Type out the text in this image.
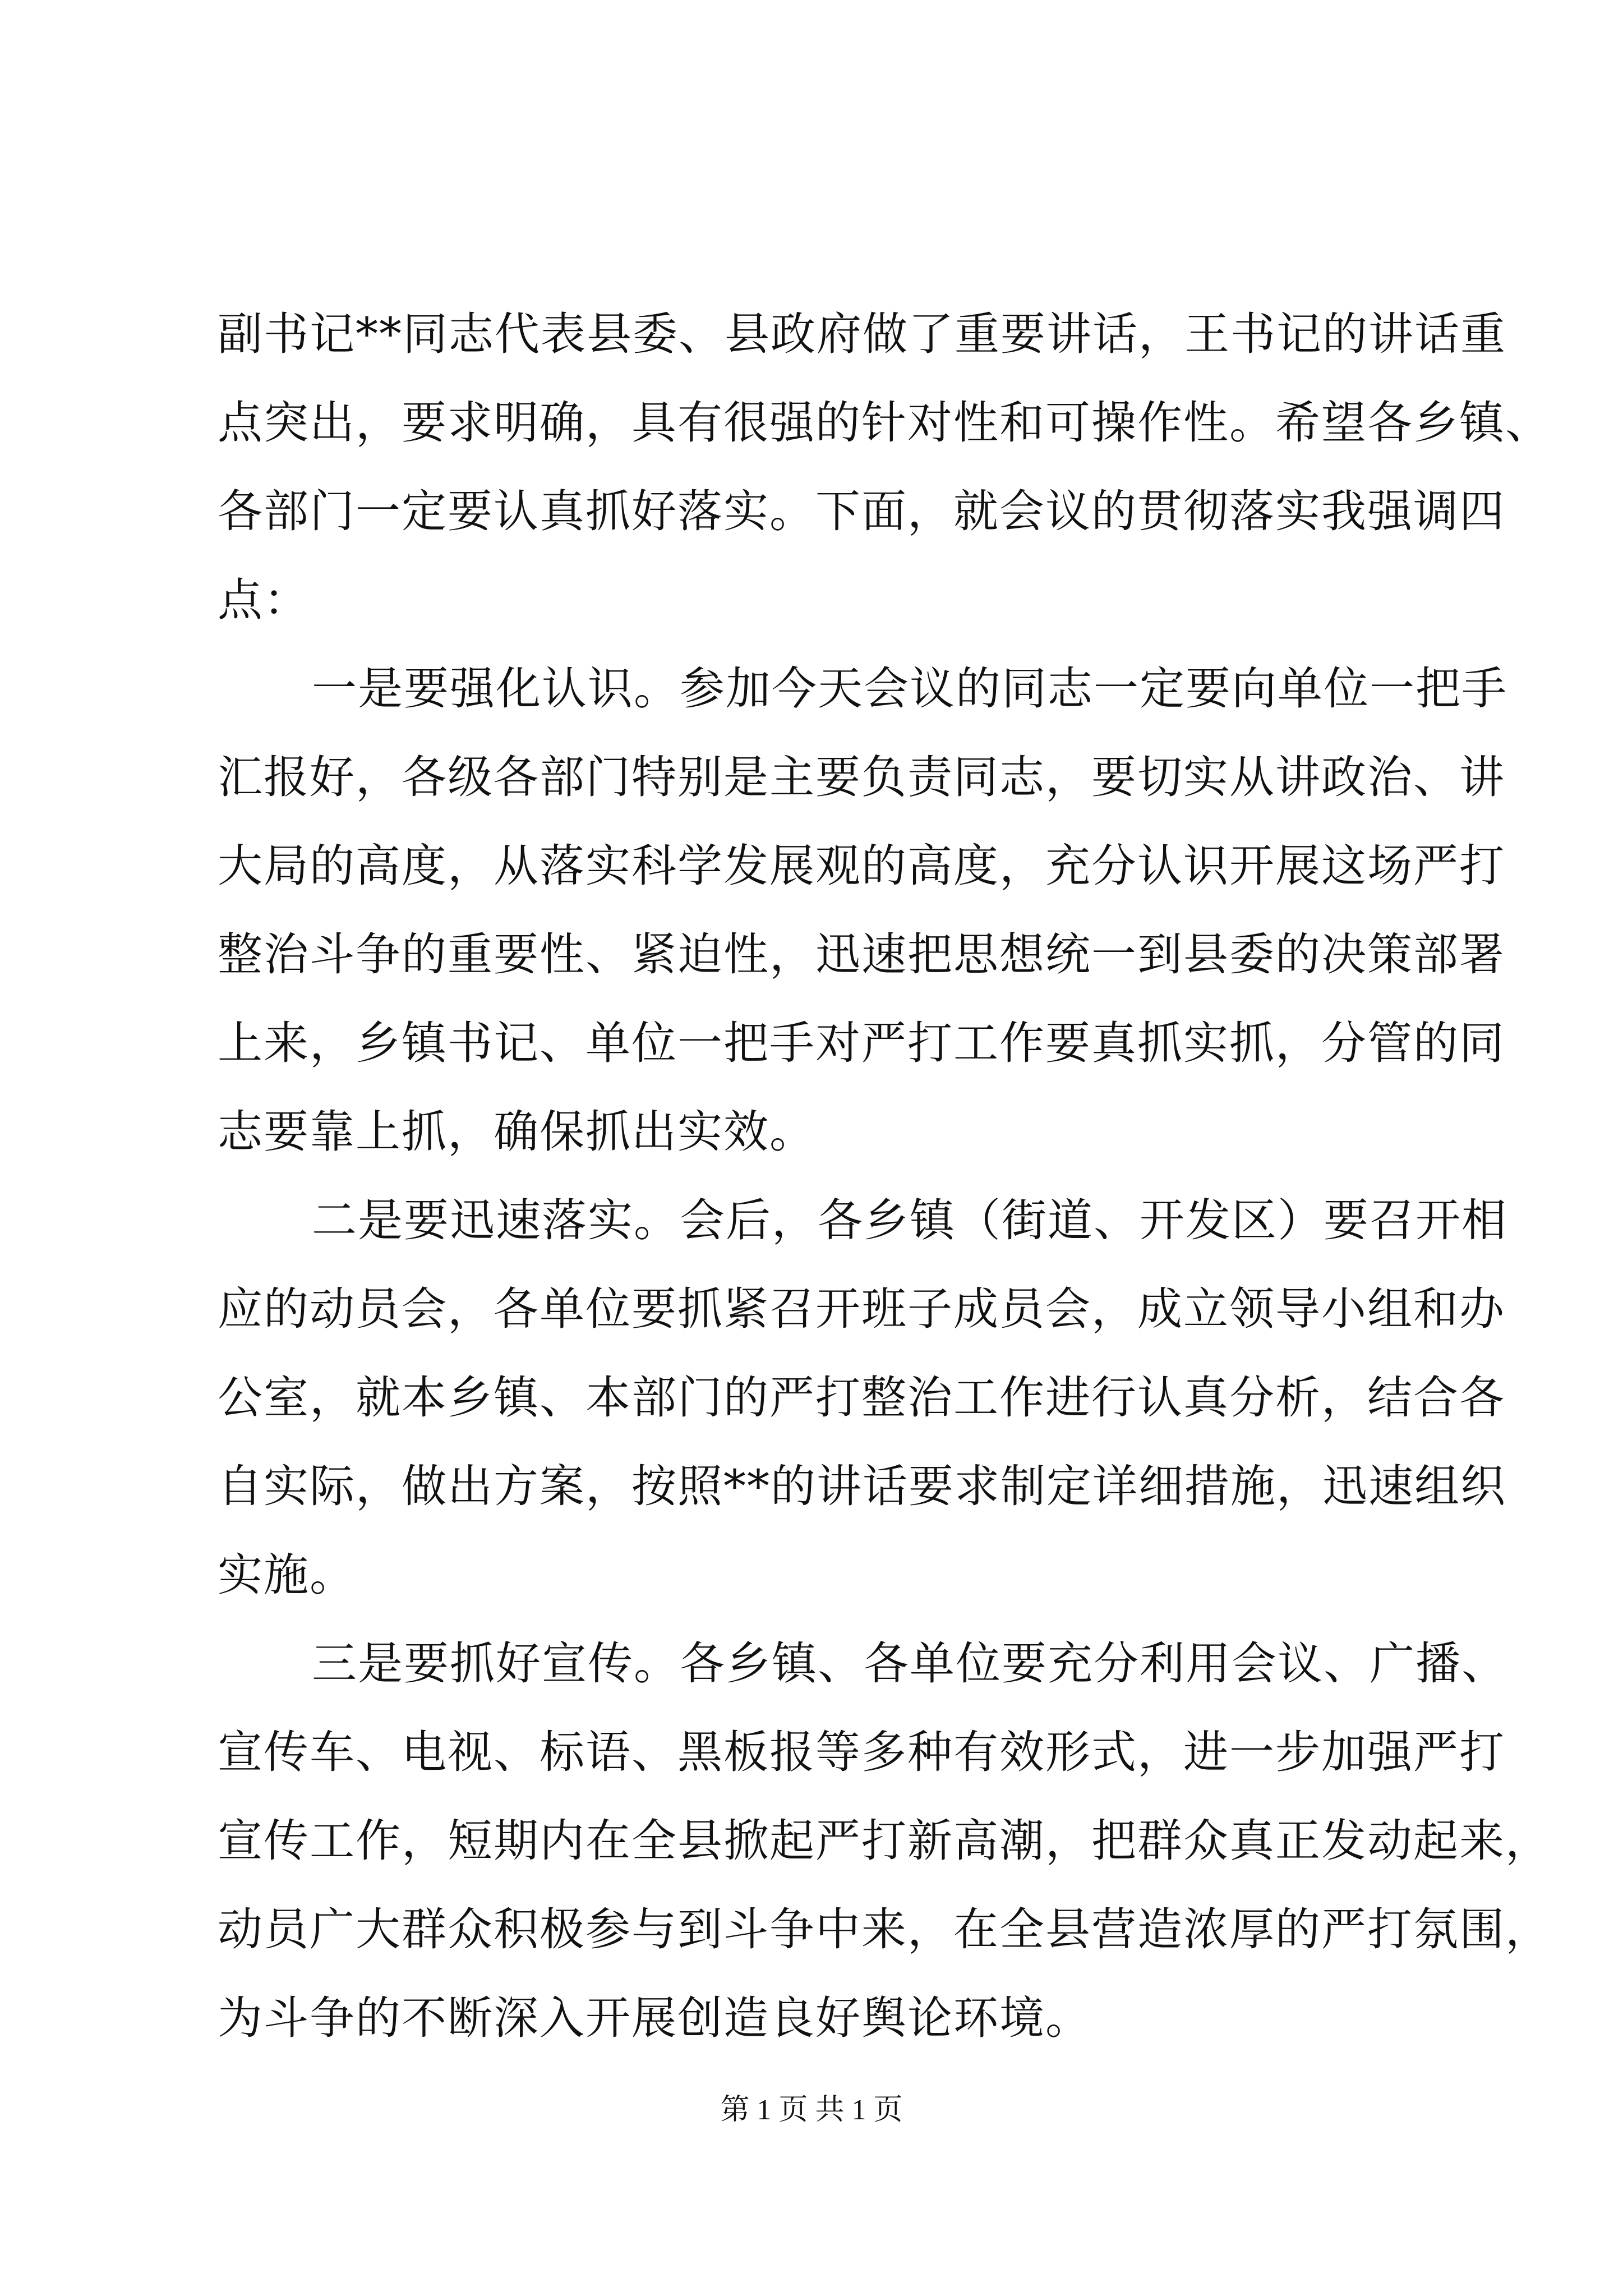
副书记**同志代表县委、县政府做了重要讲话，王书记的讲话重
点突出，要求明确，具有很强的针对性和可操作性。希望各乡镇、
各部门一定要认真抓好落实。下面，就会议的贯彻落实我强调四
点：
一是要强化认识。参加今天会议的同志一定要向单位一把手
汇报好，各级各部门特别是主要负责同志，要切实从讲政治、讲
大局的高度，从落实科学发展观的高度，充分认识开展这场严打
整治斗争的重要性、紧迫性，迅速把思想统一到县委的决策部署
上来，乡镇书记、单位一把手对严打工作要真抓实抓，分管的同
志要靠上抓，确保抓出实效。
二是要迅速落实。会后，各乡镇（街道、开发区）要召开相
应的动员会，各单位要抓紧召开班子成员会，成立领导小组和办
公室，就本乡镇、本部门的严打整治工作进行认真分析，结合各
自实际，做出方案，按照**的讲话要求制定详细措施，迅速组织
实施。
三是要抓好宣传。各乡镇、各单位要充分利用会议、广播、
宣传车、电视、标语、黑板报等多种有效形式，进一步加强严打
宣传工作，短期内在全县掀起严打新高潮，把群众真正发动起来，
动员广大群众积极参与到斗争中来，在全县营造浓厚的严打氛围，
为斗争的不断深入开展创造良好舆论环境。
第 1 页 共 1 页
